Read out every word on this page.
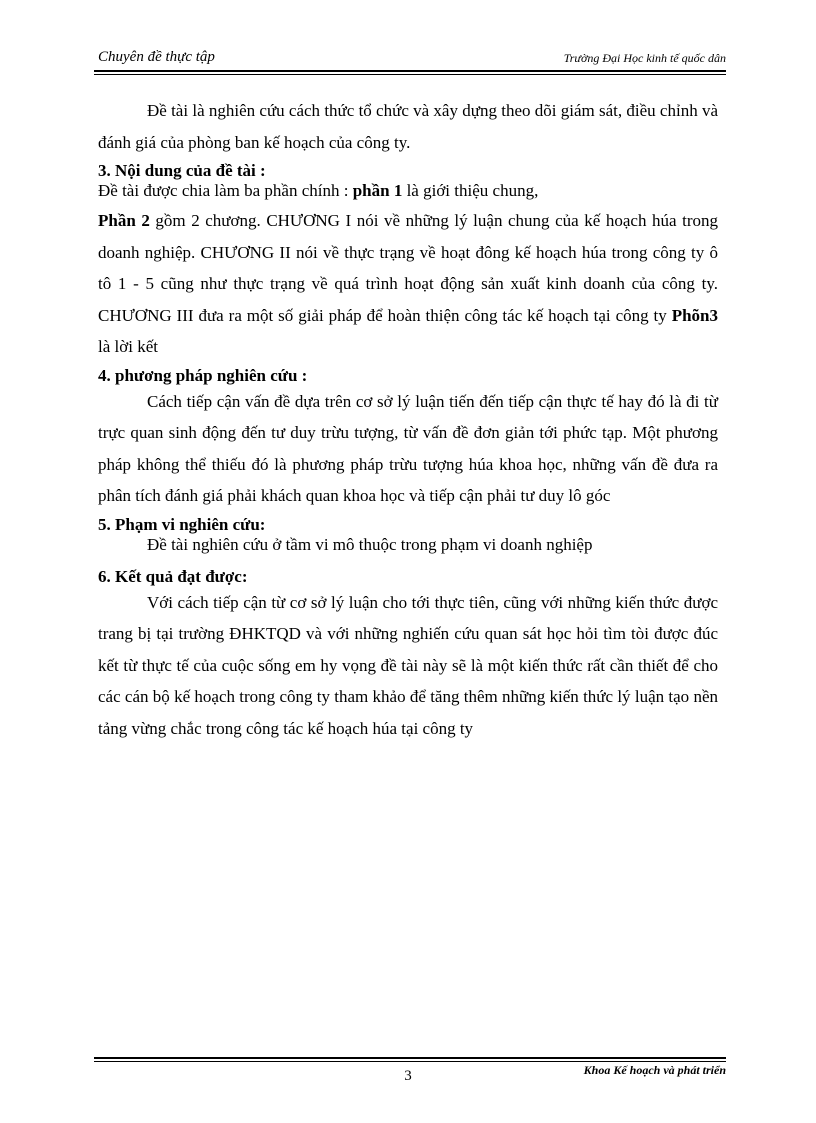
Chuyên đề thực tập	Trường Đại Học kinh tế quốc dân

Đề tài là nghiên cứu cách thức tổ chức và xây dựng theo dõi giám sát, điều chỉnh và đánh giá của phòng ban kế hoạch của công ty.

3. Nội dung của đề tài :

Đề tài được chia làm ba phần chính : phần 1 là giới thiệu chung,

Phần 2 gồm 2 chương. CHƯƠNG I nói về những lý luận chung của kế hoạch húa trong doanh nghiệp. CHƯƠNG II nói về thực trạng về hoạt đông kế hoạch húa trong công ty ô tô 1 - 5 cũng như thực trạng về quá trình hoạt động sản xuất kinh doanh của công ty. CHƯƠNG III đưa ra một số giải pháp để hoàn thiện công tác kế hoạch tại công ty Phõn3 là lời kết

4. phương pháp nghiên cứu :

Cách tiếp cận vấn đề dựa trên cơ sở lý luận tiến đến tiếp cận thực tế hay đó là đi từ trực quan sinh động đến tư duy trừu tượng, từ vấn đề đơn giản tới phức tạp. Một phương pháp không thể thiếu đó là phương pháp trừu tượng húa khoa học, những vấn đề đưa ra phân tích đánh giá phải khách quan khoa học và tiếp cận phải tư duy lô góc

5. Phạm vi nghiên cứu:

Đề tài nghiên cứu ở tầm vi mô thuộc trong phạm vi doanh nghiệp

6. Kết quả đạt được:

Với cách tiếp cận từ cơ sở lý luận cho tới thực tiên, cũng với những kiến thức được trang bị tại trường ĐHKTQD và với những nghiến cứu quan sát học hỏi tìm tòi được đúc kết từ thực tế của cuộc sống em hy vọng đề tài này sẽ là một kiến thức rất cần thiết để cho các cán bộ kế hoạch trong công ty tham khảo để tăng thêm những kiến thức lý luận tạo nền tảng vừng chắc trong công tác kế hoạch húa tại công ty

3	Khoa Kế hoạch và phát triển
